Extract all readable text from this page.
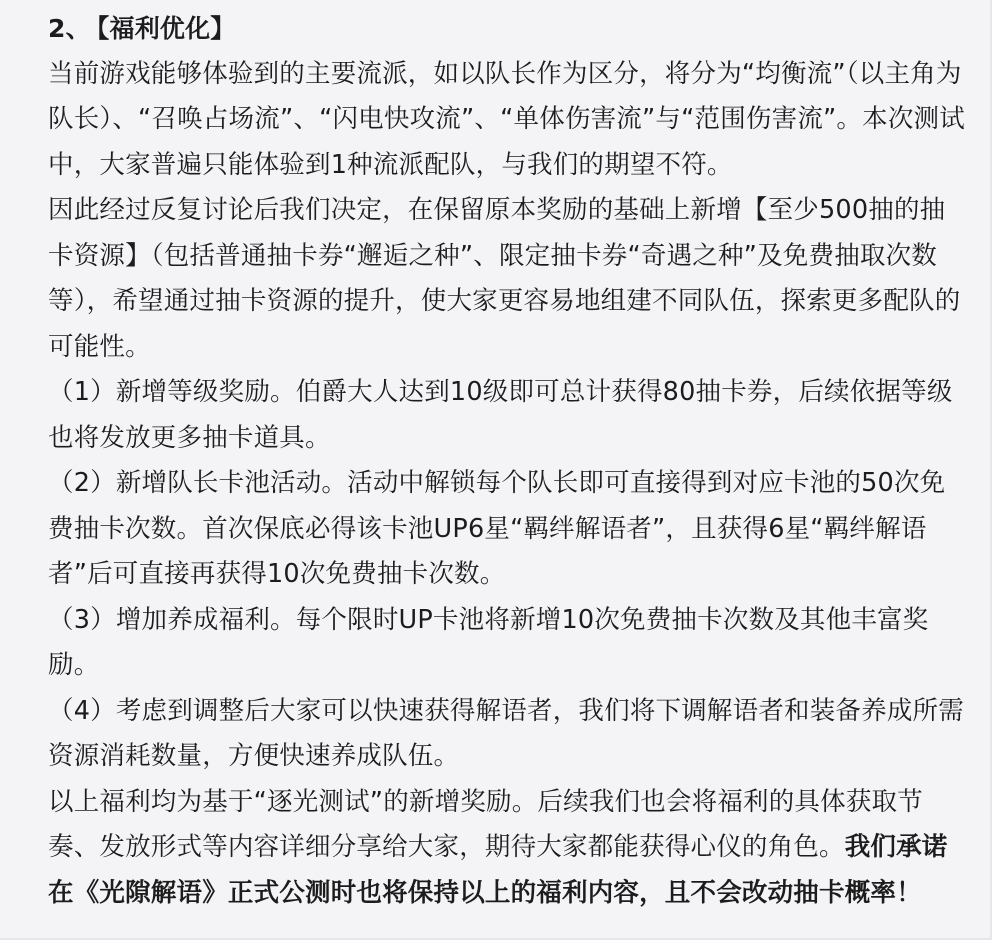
2、 【福利优化】

当前游戏能够体验到的主要流派，如以队长作为区分，将分为“均衡流”（以主角为队长）、“召唤占场流”、“闪电快攻流”、“单体伤害流”与“范围伤害流”。本次测试中，大家普遍只能体验到1种流派配队，与我们的期望不符。

因此经过反复讨论后我们决定，在保留原本奖励的基础上新增【至少500抽的抽卡资源】（包括普通抽卡券“邂逅之种”、限定抽卡券“奇遇之种”及免费抽取次数等），希望通过抽卡资源的提升，使大家更容易地组建不同队伍，探索更多配队的可能性。

（1）新增等级奖励。伯爵大人达到10级即可总计获得80抽卡券，后续依据等级也将发放更多抽卡道具。

（2）新增队长卡池活动。活动中解锁每个队长即可直接得到对应卡池的50次免费抽卡次数。首次保底必得该卡池UP6星“羁绊解语者”，且获得6星“羁绊解语者”后可直接再获得10次免费抽卡次数。

（3）增加养成福利。每个限时UP卡池将新增10次免费抽卡次数及其他丰富奖励。

（4）考虑到调整后大家可以快速获得解语者，我们将下调解语者和装备养成所需资源消耗数量，方便快速养成队伍。

以上福利均为基于“逐光测试”的新增奖励。后续我们也会将福利的具体获取节奏、发放形式等内容详细分享给大家，期待大家都能获得心仪的角色。我们承诺在《光隙解语》正式公测时也将保持以上的福利内容，且不会改动抽卡概率！
